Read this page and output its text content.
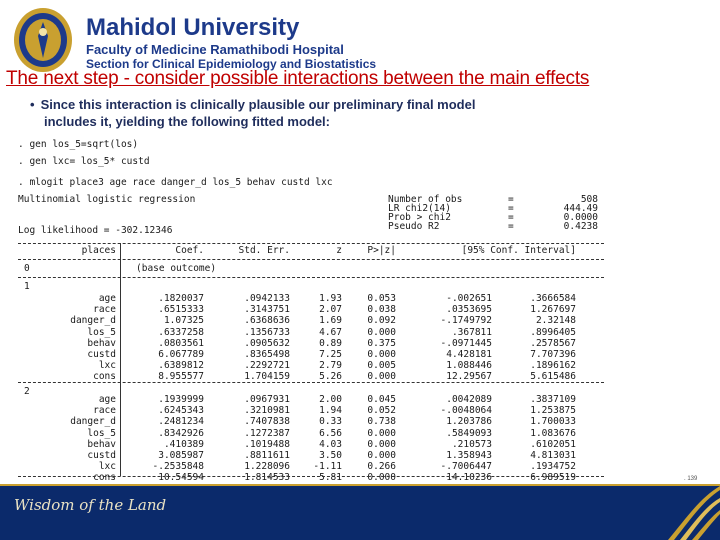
Mahidol University
Faculty of Medicine Ramathibodi Hospital
Section for Clinical Epidemiology and Biostatistics
The next step - consider possible interactions between the main effects
• Since this interaction is clinically plausible our preliminary final model
includes it, yielding the following fitted model:
. gen los_5=sqrt(los)
. gen lxc= los_5* custd
. mlogit place3 age race danger_d los_5 behav custd lxc
Multinomial logistic regression
Log likelihood = -302.12346
Number of obs	=	508
LR chi2(14)	=	444.49
Prob > chi2	=	0.0000
Pseudo R2	=	0.4238
places	Coef.	Std. Err.	z	P>|z|	[95% Conf. Interval]
0	(base outcome)
1
age	.1820037	.0942133	1.93	0.053	-.002651	.3666584
race	.6515333	.3143751	2.07	0.038	.0353695	1.267697
danger_d	1.07325	.6368636	1.69	0.092	-.1749792	2.32148
los_5	.6337258	.1356733	4.67	0.000	.367811	.8996405
behav	.0803561	.0905632	0.89	0.375	-.0971445	.2578567
custd	6.067789	.8365498	7.25	0.000	4.428181	7.707396
lxc	.6389812	.2292721	2.79	0.005	1.088446	.1896162
cons	8.955577	1.704159	5.26	0.000	12.29567	5.615486
2
age	.1939999	.0967931	2.00	0.045	.0042089	.3837109
race	.6245343	.3210981	1.94	0.052	-.0048064	1.253875
danger_d	.2481234	.7407838	0.33	0.738	1.203786	1.700033
los_5	.8342926	.1272387	6.56	0.000	.5849093	1.083676
behav	.410389	.1019488	4.03	0.000	.210573	.6102051
custd	3.085987	.8811611	3.50	0.000	1.358943	4.813031
lxc	-.2535848	1.228096	-1.11	0.266	-.7006447	.1934752
cons	10.54594	1.814533	5.81	0.000	14.10236	6.989519	. 139
Wisdom of the Land
